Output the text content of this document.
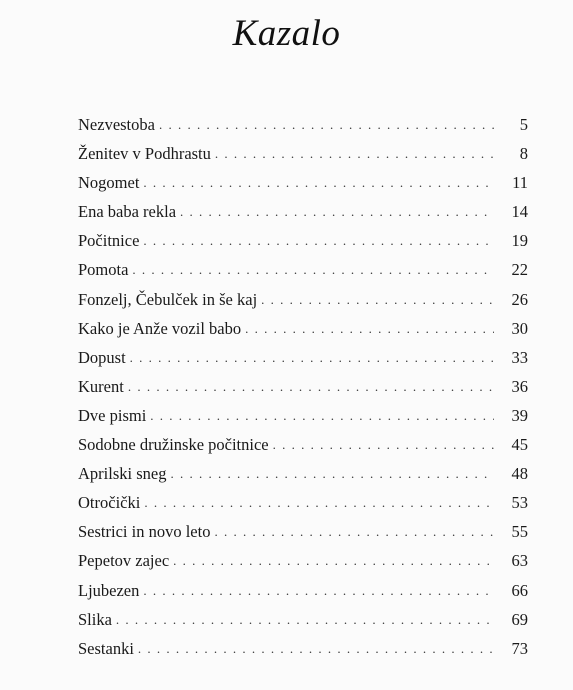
Kazalo
Nezvestoba . . .	5
Ženitev v Podhrastu . . .	8
Nogomet . . .	11
Ena baba rekla . . .	14
Počitnice . . .	19
Pomota . . .	22
Fonzelj, Čebulček in še kaj . . .	26
Kako je Anže vozil babo . . .	30
Dopust . . .	33
Kurent . . .	36
Dve pismi . . .	39
Sodobne družinske počitnice . . .	45
Aprilski sneg . . .	48
Otročički . . .	53
Sestrici in novo leto . . .	55
Pepetov zajec . . .	63
Ljubezen . . .	66
Slika . . .	69
Sestanki . . .	73
